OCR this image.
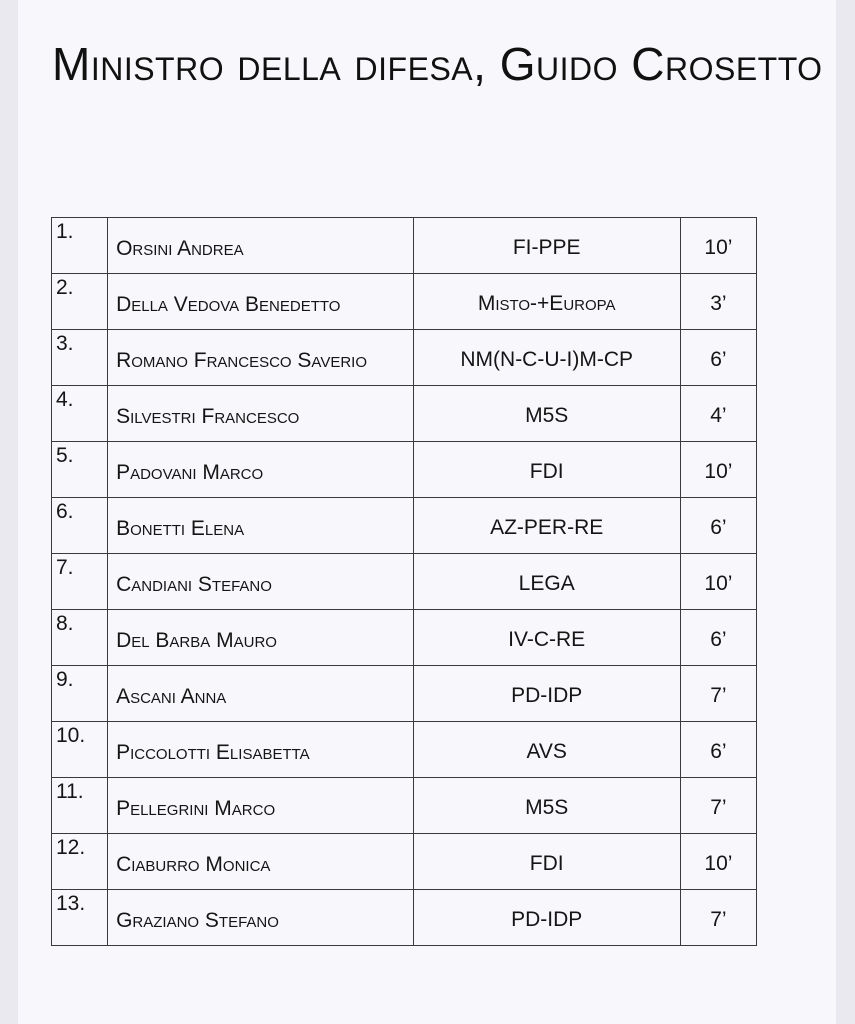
Ministro della difesa, Guido Crosetto
1.	Orsini Andrea	FI-PPE	10’
2.	Della Vedova Benedetto	Misto-+Europa	3’
3.	Romano Francesco Saverio	NM(N-C-U-I)M-CP	6’
4.	Silvestri Francesco	M5S	4’
5.	Padovani Marco	FDI	10’
6.	Bonetti Elena	AZ-PER-RE	6’
7.	Candiani Stefano	LEGA	10’
8.	Del Barba Mauro	IV-C-RE	6’
9.	Ascani Anna	PD-IDP	7’
10.	Piccolotti Elisabetta	AVS	6’
11.	Pellegrini Marco	M5S	7’
12.	Ciaburro Monica	FDI	10’
13.	Graziano Stefano	PD-IDP	7’
